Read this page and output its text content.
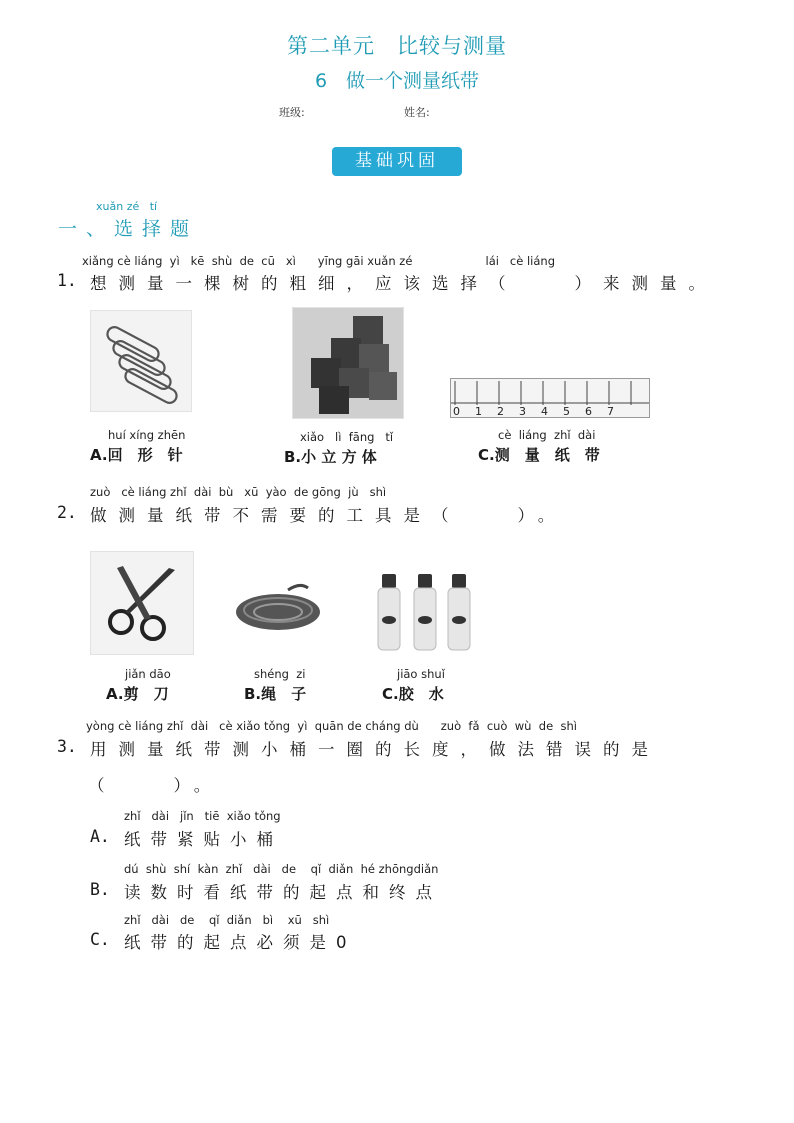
第二单元　比较与测量
6　做一个测量纸带
班级:	姓名:
基础巩固
xuǎn zé   tí
一、选择题
xiǎng cè liáng  yì   kē  shù  de  cū   xì      yīng gāi xuǎn zé                    lái   cè liáng
1. 想测量一棵树的粗细，应该选择（　　）来测量。
0 1 2 3 4 5 6 7
huí xíng zhēn
A.回　形　针
xiǎo   lì  fāng   tǐ
B.小 立 方 体
cè  liáng  zhǐ  dài
C.测　量　纸　带
zuò   cè liáng zhǐ  dài  bù   xū  yào  de gōng  jù   shì
2. 做测量纸带不需要的工具是（　　）。
jiǎn dāo
A.剪　刀
shéng  zi
B.绳　子
jiāo shuǐ
C.胶　水
yòng cè liáng zhǐ  dài   cè xiǎo tǒng  yì  quān de cháng dù      zuò  fǎ  cuò  wù  de  shì
3. 用测量纸带测小桶一圈的长度，做法错误的是
（　　）。
zhǐ   dài   jǐn   tiē  xiǎo tǒng
A. 纸带紧贴小桶
dú  shù  shí  kàn  zhǐ   dài   de    qǐ  diǎn  hé zhōngdiǎn
B. 读数时看纸带的起点和终点
zhǐ   dài   de    qǐ  diǎn   bì    xū   shì
C. 纸带的起点必须是0
